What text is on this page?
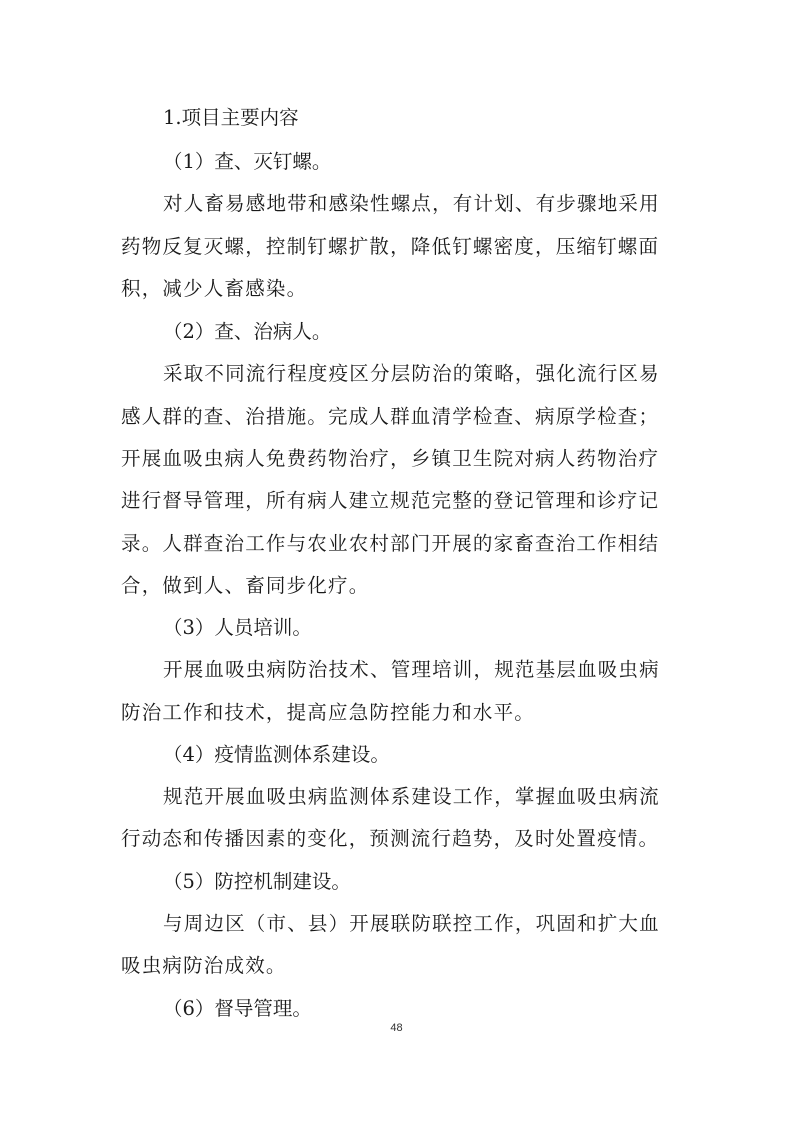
1.项目主要内容
（1）查、灭钉螺。
对人畜易感地带和感染性螺点，有计划、有步骤地采用
药物反复灭螺，控制钉螺扩散，降低钉螺密度，压缩钉螺面
积，减少人畜感染。
（2）查、治病人。
采取不同流行程度疫区分层防治的策略，强化流行区易
感人群的查、治措施。完成人群血清学检查、病原学检查；
开展血吸虫病人免费药物治疗，乡镇卫生院对病人药物治疗
进行督导管理，所有病人建立规范完整的登记管理和诊疗记
录。人群查治工作与农业农村部门开展的家畜查治工作相结
合，做到人、畜同步化疗。
（3）人员培训。
开展血吸虫病防治技术、管理培训，规范基层血吸虫病
防治工作和技术，提高应急防控能力和水平。
（4）疫情监测体系建设。
规范开展血吸虫病监测体系建设工作，掌握血吸虫病流
行动态和传播因素的变化，预测流行趋势，及时处置疫情。
（5）防控机制建设。
与周边区（市、县）开展联防联控工作，巩固和扩大血
吸虫病防治成效。
（6）督导管理。
48
